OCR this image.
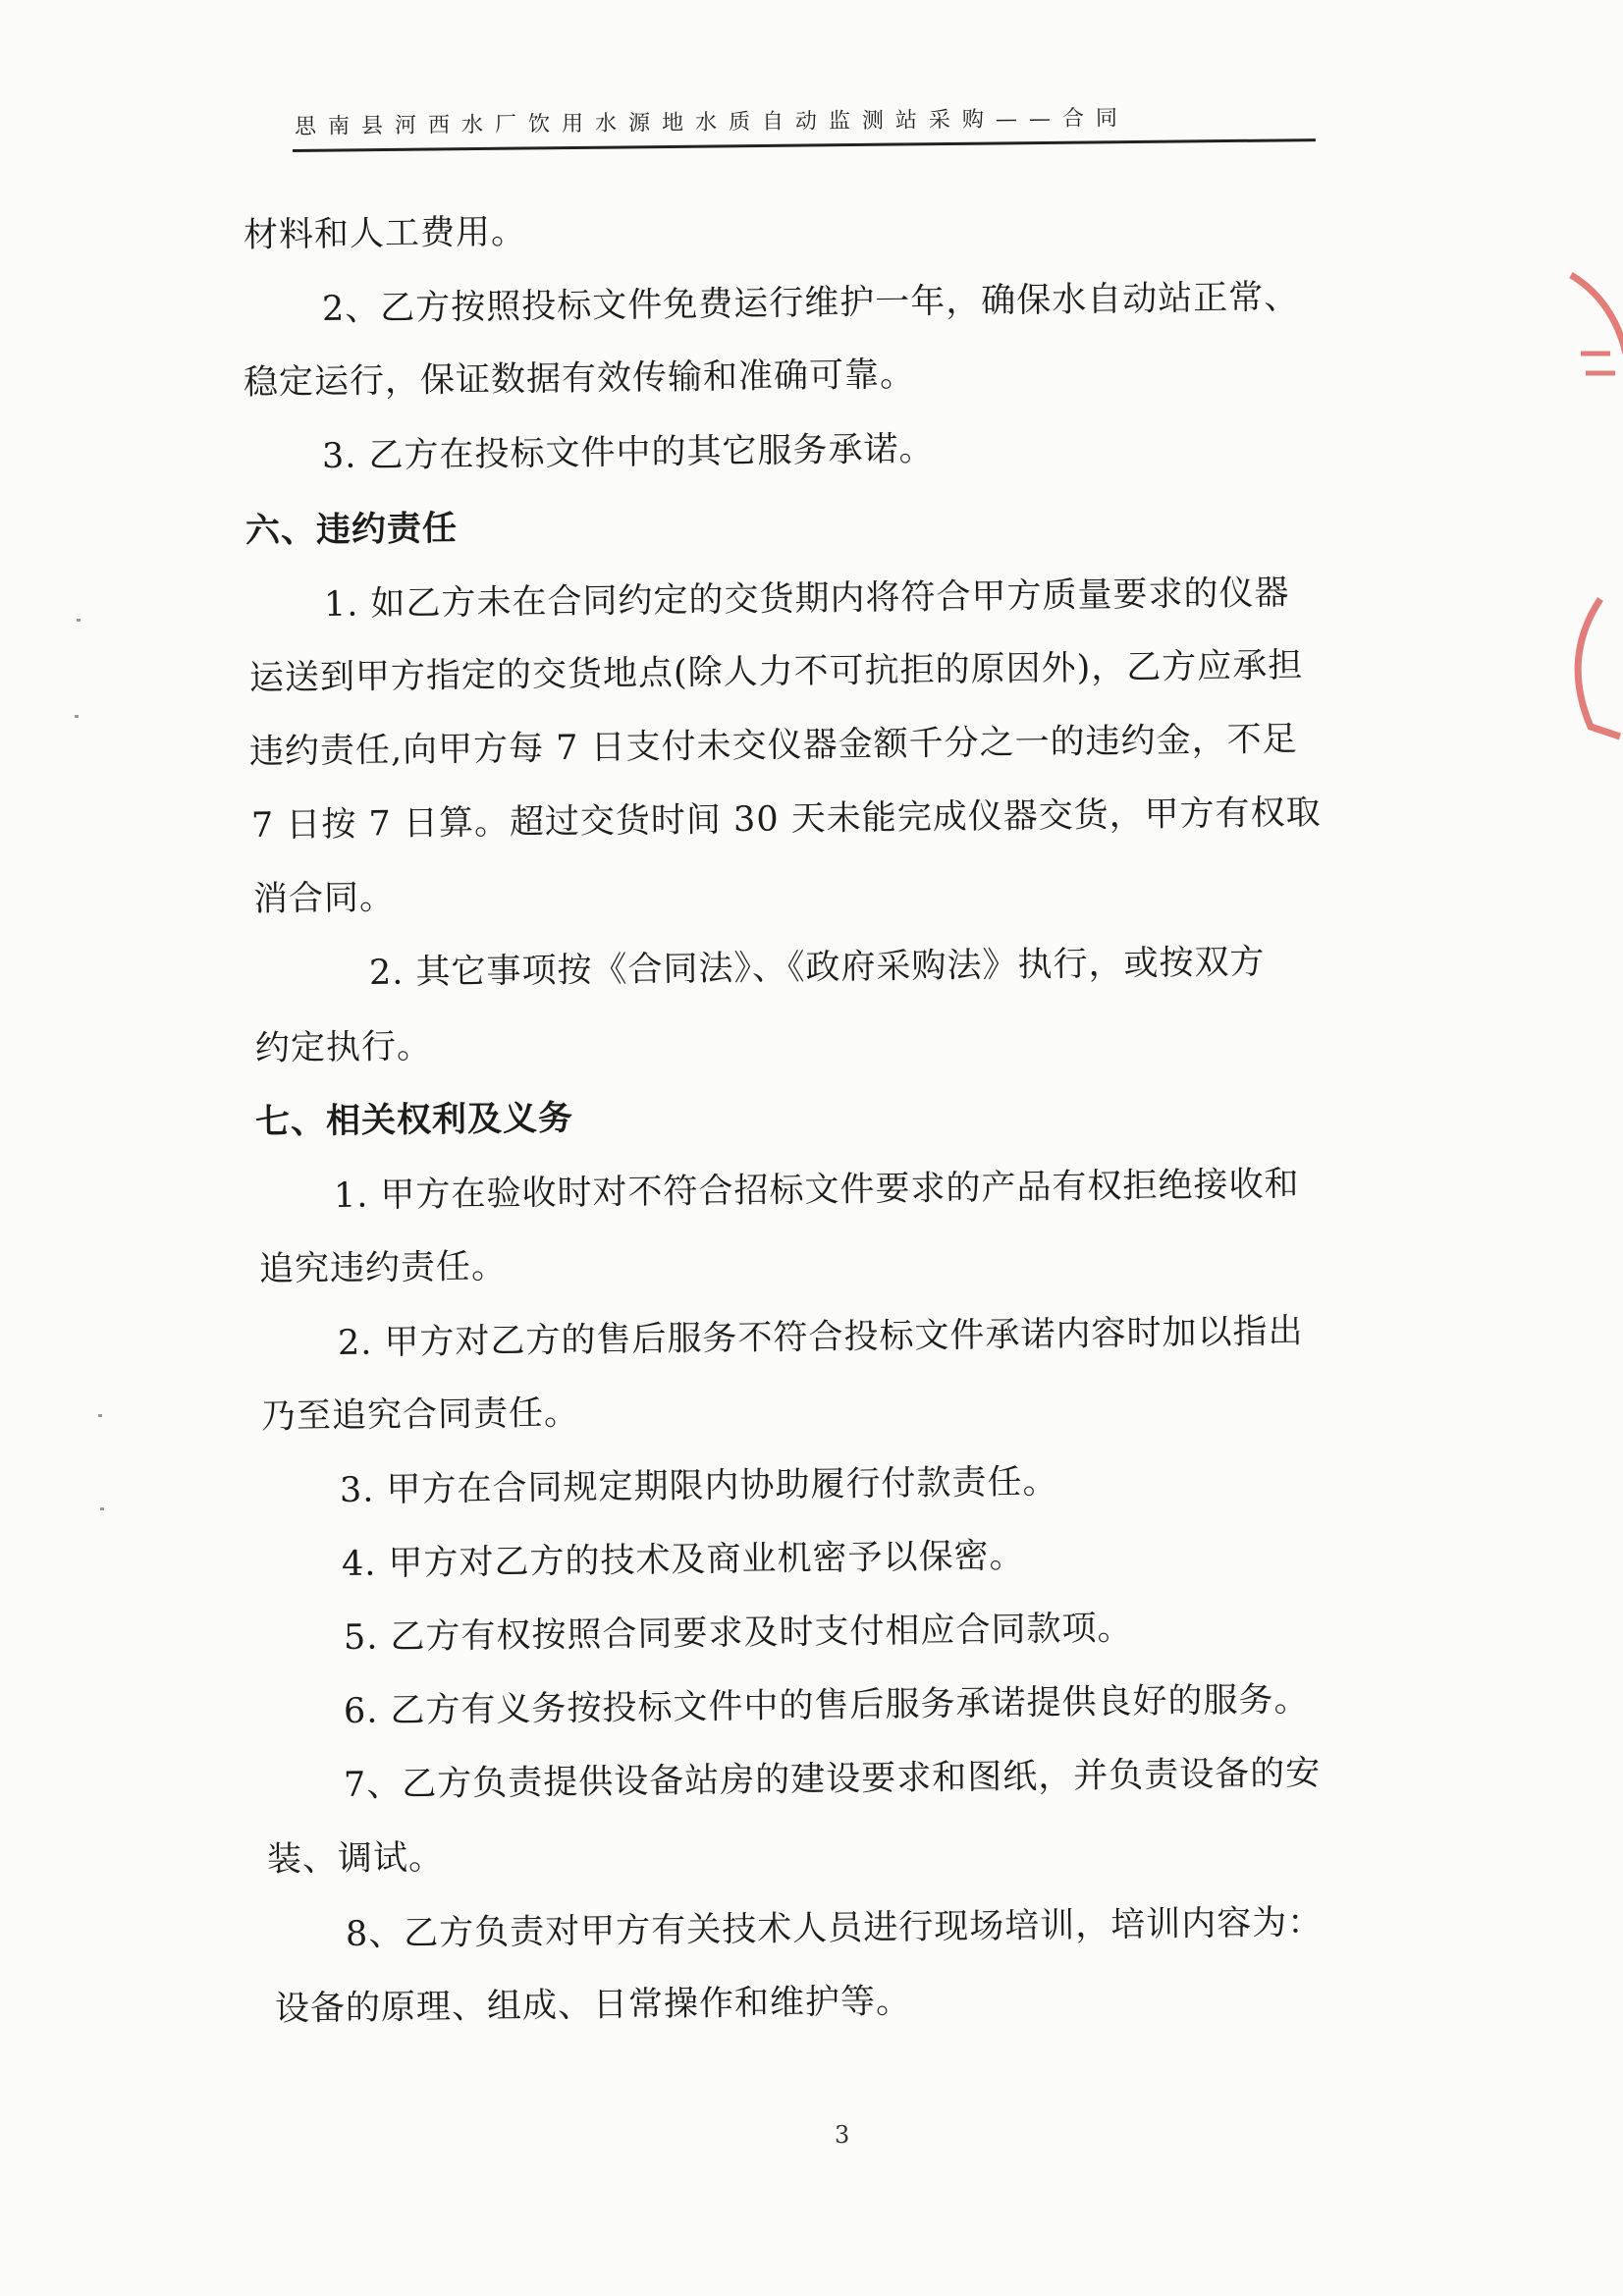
思南县河西水厂饮用水源地水质自动监测站采购——合同
材料和人工费用。
2、乙方按照投标文件免费运行维护一年，确保水自动站正常、
稳定运行，保证数据有效传输和准确可靠。
3. 乙方在投标文件中的其它服务承诺。
六、违约责任
1. 如乙方未在合同约定的交货期内将符合甲方质量要求的仪器
运送到甲方指定的交货地点(除人力不可抗拒的原因外)，乙方应承担
违约责任,向甲方每 7 日支付未交仪器金额千分之一的违约金，不足
7 日按 7 日算。超过交货时间 30 天未能完成仪器交货，甲方有权取
消合同。
2. 其它事项按《合同法》、《政府采购法》执行，或按双方
约定执行。
七、相关权利及义务
1. 甲方在验收时对不符合招标文件要求的产品有权拒绝接收和
追究违约责任。
2. 甲方对乙方的售后服务不符合投标文件承诺内容时加以指出
乃至追究合同责任。
3. 甲方在合同规定期限内协助履行付款责任。
4. 甲方对乙方的技术及商业机密予以保密。
5. 乙方有权按照合同要求及时支付相应合同款项。
6. 乙方有义务按投标文件中的售后服务承诺提供良好的服务。
7、乙方负责提供设备站房的建设要求和图纸，并负责设备的安
装、调试。
8、乙方负责对甲方有关技术人员进行现场培训，培训内容为：
设备的原理、组成、日常操作和维护等。
3
